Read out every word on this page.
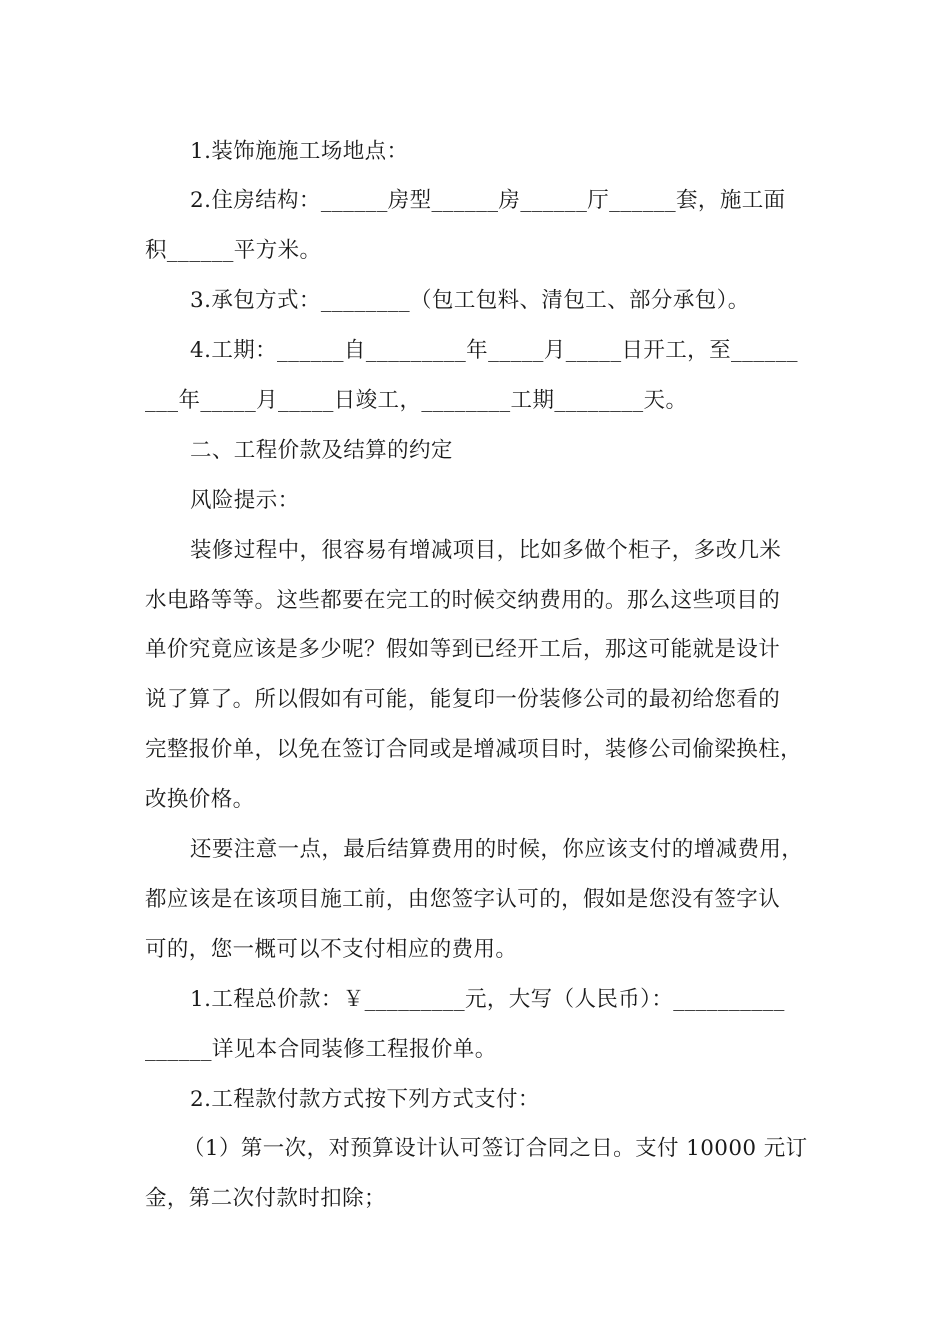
1.装饰施施工场地点：
2.住房结构：______房型______房______厅______套，施工面
积______平方米。
3.承包方式：________（包工包料、清包工、部分承包）。
4.工期：______自_________年_____月_____日开工，至______
___年_____月_____日竣工，________工期________天。
二、工程价款及结算的约定
风险提示：
装修过程中，很容易有增减项目，比如多做个柜子，多改几米
水电路等等。这些都要在完工的时候交纳费用的。那么这些项目的
单价究竟应该是多少呢？假如等到已经开工后，那这可能就是设计
说了算了。所以假如有可能，能复印一份装修公司的最初给您看的
完整报价单，以免在签订合同或是增减项目时，装修公司偷梁换柱，
改换价格。
还要注意一点，最后结算费用的时候，你应该支付的增减费用，
都应该是在该项目施工前，由您签字认可的，假如是您没有签字认
可的，您一概可以不支付相应的费用。
1.工程总价款：￥_________元，大写（人民币）：__________
______详见本合同装修工程报价单。
2.工程款付款方式按下列方式支付：
（1）第一次，对预算设计认可签订合同之日。支付 10000 元订
金，第二次付款时扣除；
